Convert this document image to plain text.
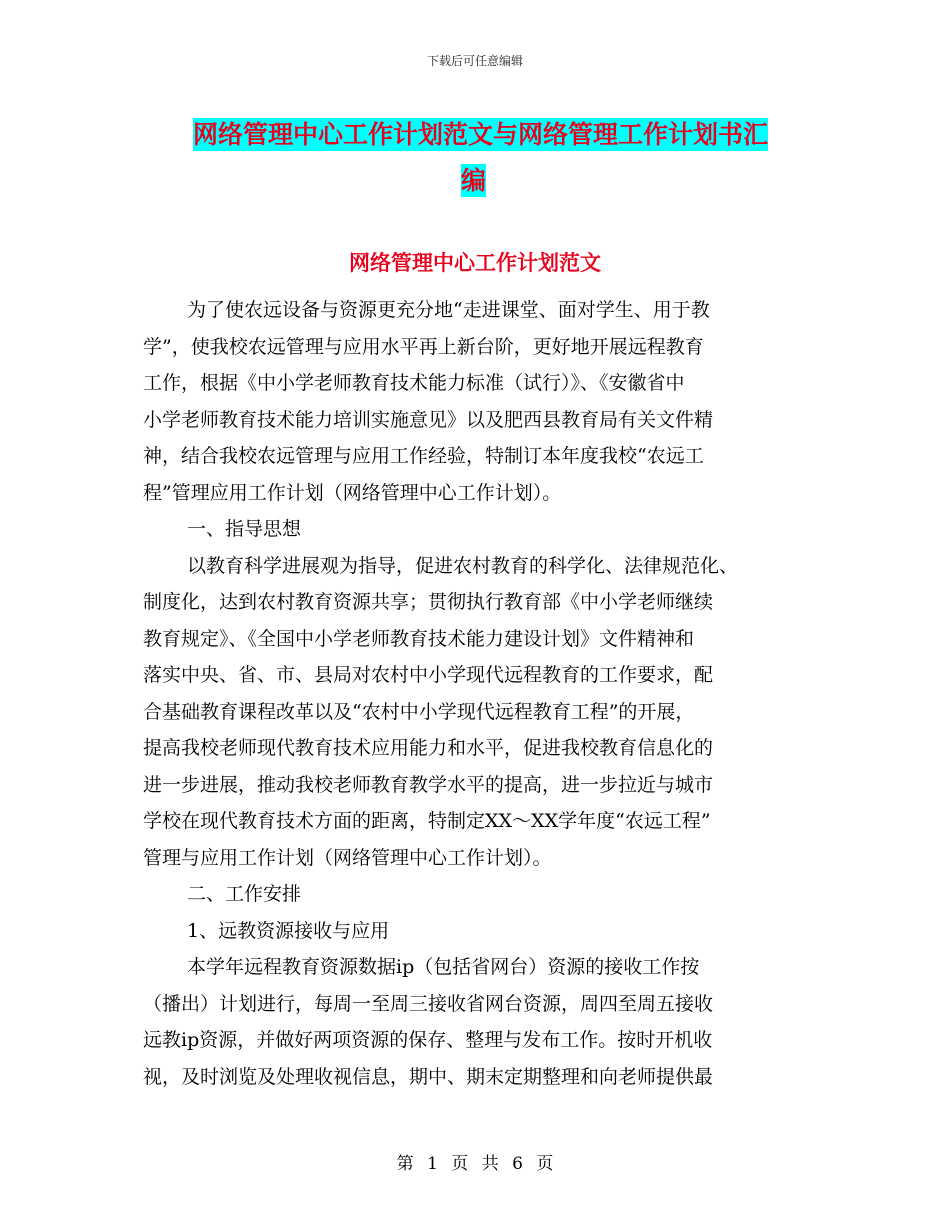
下载后可任意编辑
网络管理中心工作计划范文与网络管理工作计划书汇
编
网络管理中心工作计划范文
为了使农远设备与资源更充分地“走进课堂、面对学生、用于教
学”，使我校农远管理与应用水平再上新台阶，更好地开展远程教育
工作，根据《中小学老师教育技术能力标准（试行）》、《安徽省中
小学老师教育技术能力培训实施意见》以及肥西县教育局有关文件精
神，结合我校农远管理与应用工作经验，特制订本年度我校“农远工
程”管理应用工作计划（网络管理中心工作计划）。
一、指导思想
以教育科学进展观为指导，促进农村教育的科学化、法律规范化、
制度化，达到农村教育资源共享；贯彻执行教育部《中小学老师继续
教育规定》、《全国中小学老师教育技术能力建设计划》文件精神和
落实中央、省、市、县局对农村中小学现代远程教育的工作要求，配
合基础教育课程改革以及“农村中小学现代远程教育工程”的开展，
提高我校老师现代教育技术应用能力和水平，促进我校教育信息化的
进一步进展，推动我校老师教育教学水平的提高，进一步拉近与城市
学校在现代教育技术方面的距离，特制定XX～XX学年度“农远工程”
管理与应用工作计划（网络管理中心工作计划）。
二、工作安排
1、远教资源接收与应用
本学年远程教育资源数据ip（包括省网台）资源的接收工作按
（播出）计划进行，每周一至周三接收省网台资源，周四至周五接收
远教ip资源，并做好两项资源的保存、整理与发布工作。按时开机收
视，及时浏览及处理收视信息，期中、期末定期整理和向老师提供最
第 1 页 共 6 页
